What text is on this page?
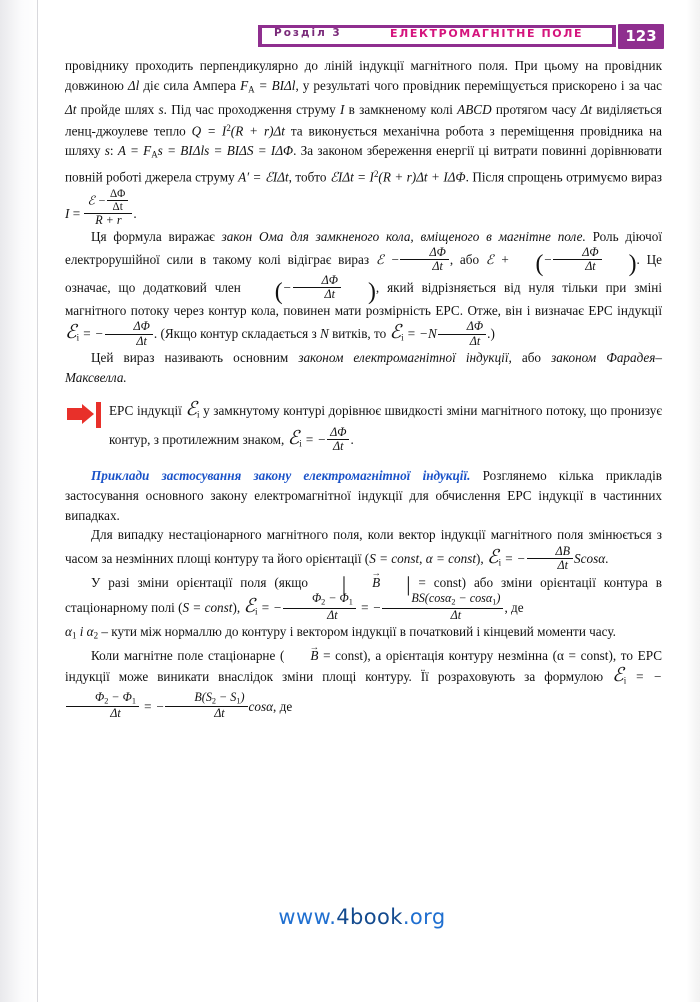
Розділ 3	ЕЛЕКТРОМАГНІТНЕ ПОЛЕ	123

провіднику проходить перпендикулярно до ліній індукції магнітного поля. При цьому на провідник довжиною Δl діє сила Ампера $F_А = BI\Delta l$, у результаті чого провідник переміщується прискорено і за час Δt пройде шлях s. Під час проходження струму I в замкненому колі ABCD протягом часу Δt виділяється ленц-джоулеве тепло $Q = I^2(R + r)\Delta t$ та виконується механічна робота з переміщення провідника на шляху s: $A = F_Аs = BI\Delta ls = BI\Delta S = I\Delta\Phi$. За законом збереження енергії ці витрати повинні дорівнювати повній роботі джерела струму A′ = ℰIΔt, тобто ℰIΔt = $I^2(R + r)\Delta t + I\Delta\Phi$. Після спрощень отримуємо вираз $I = \frac{ℰ - \frac{\Delta\Phi}{\Delta t}}{R + r}$ .

Ця формула виражає закон Ома для замкненого кола, вміщеного в магнітне поле. Роль діючої електрорушійної сили в такому колі відіграє вираз ℰ − $\frac{\Delta\Phi}{\Delta t}$ , або ℰ + (− $\frac{\Delta\Phi}{\Delta t}$ ). Це означає, що додатковий член (− $\frac{\Delta\Phi}{\Delta t}$ ), який відрізняється від нуля тільки при зміні магнітного потоку через контур кола, повинен мати розмірність ЕРС. Отже, він і визначає ЕРС індукції ℰ$_і$ = − $\frac{\Delta\Phi}{\Delta t}$ . (Якщо контур складається з N витків, то ℰ$_і$ = $-N \frac{\Delta\Phi}{\Delta t}$ .)

Цей вираз називають основним законом електромагнітної індукції, або законом Фарадея–Максвелла.

ЕРС індукції ℰ$_і$ у замкнутому контурі дорівнює швидкості зміни магнітного потоку, що пронизує контур, з протилежним знаком, ℰ$_і$ = − $\frac{\Delta\Phi}{\Delta t}$ .

Приклади застосування закону електромагнітної індукції. Розглянемо кілька прикладів застосування основного закону електромагнітної індукції для обчислення ЕРС індукції в частинних випадках.

Для випадку нестаціонарного магнітного поля, коли вектор індукції магнітного поля змінюється з часом за незмінних площі контуру та його орієнтації (S = const, α = const), ℰ$_і$ = − $\frac{\Delta B}{\Delta t} Scos\alpha$.

У разі зміни орієнтації поля (якщо | B → | = const) або зміни орієнтації контура в стаціонарному полі (S = const), ℰ$_і$ = − $\frac{\Phi_2 - \Phi_1}{\Delta t}$ = − $\frac{BS(\cos\alpha_2 - \cos\alpha_1)}{\Delta t}$ , де

$\alpha_1$ і $\alpha_2$ – кути між нормаллю до контуру і вектором індукції в початковий і кінцевий моменти часу.

Коли магнітне поле стаціонарне ( B → = const), а орієнтація контуру незмінна (α = const), то ЕРС індукції може виникати внаслідок зміни площі контуру. Її розраховують за формулою ℰ$_і$ = −
$\frac{\Phi_2 - \Phi_1}{\Delta t}$ = − $\frac{B(S_2 - S_1)}{\Delta t} \cos\alpha$, де

www.4book.org
